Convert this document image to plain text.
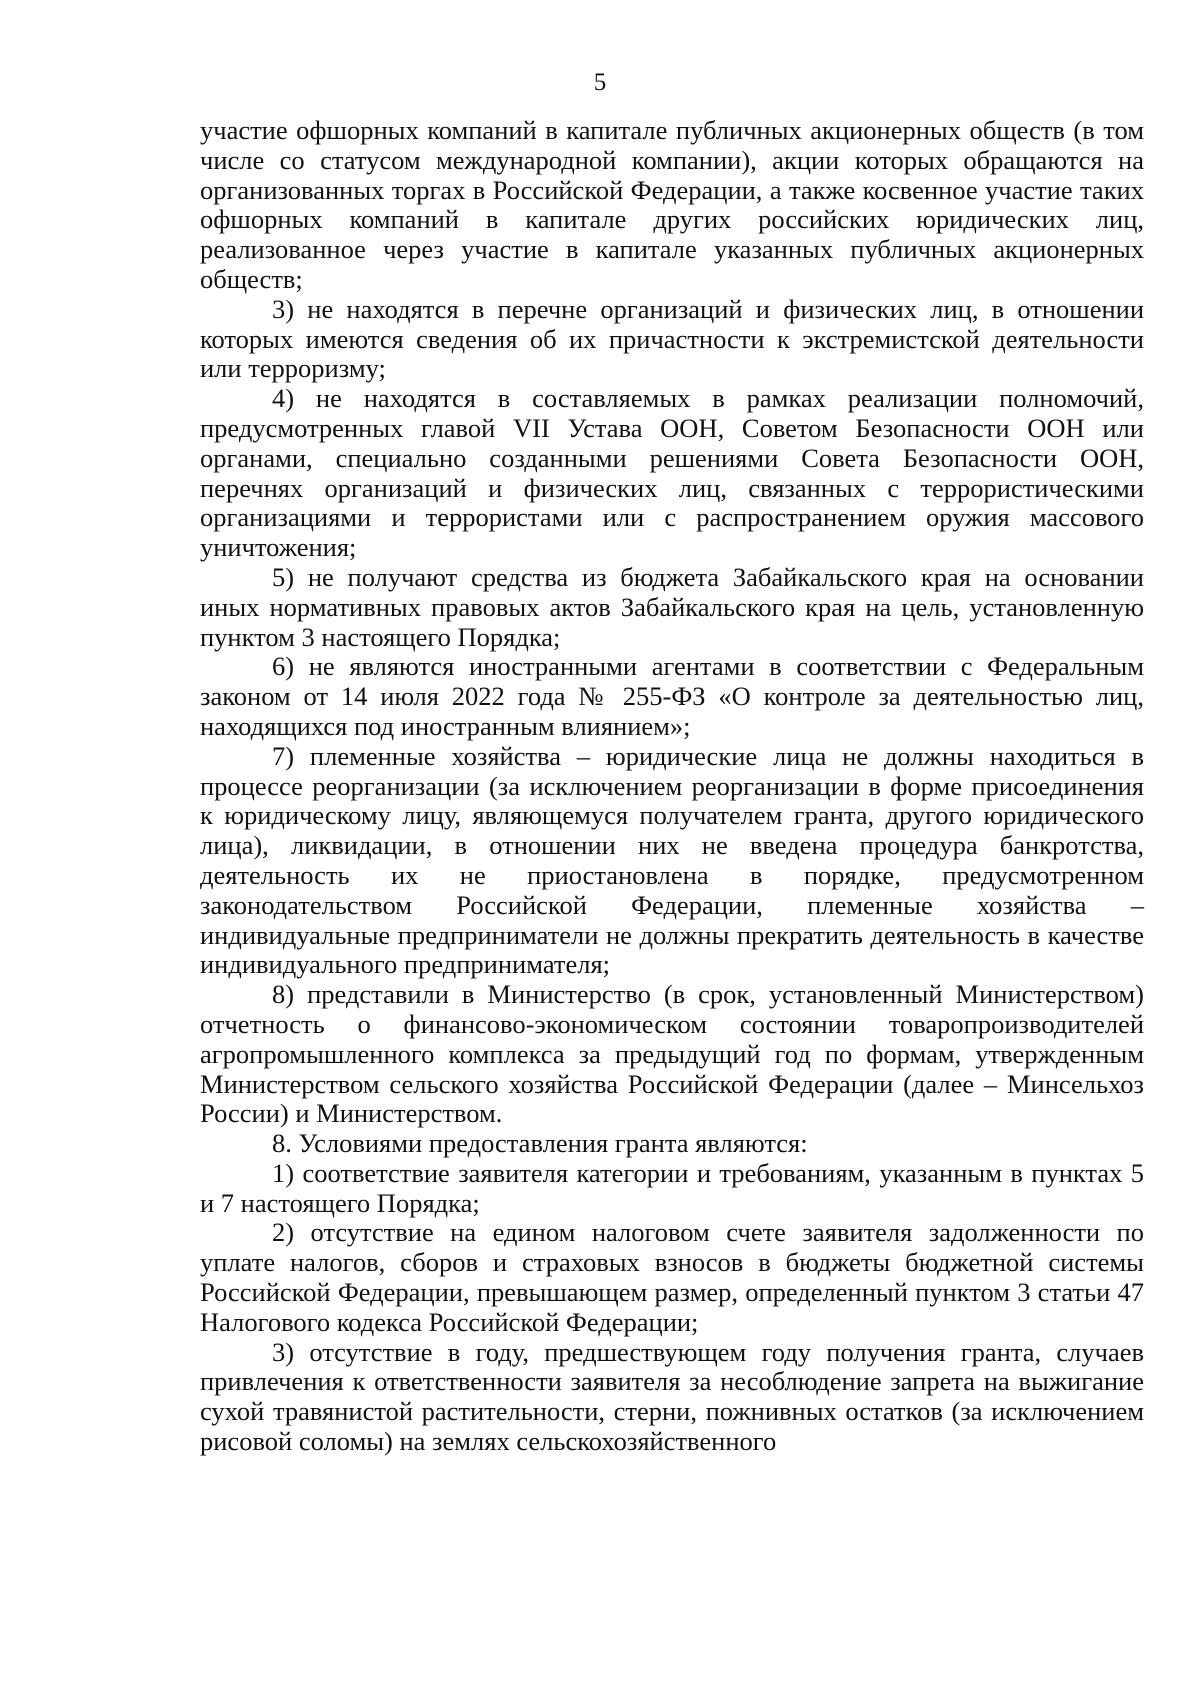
5

участие офшорных компаний в капитале публичных акционерных обществ (в том числе со статусом международной компании), акции которых обращаются на организованных торгах в Российской Федерации, а также косвенное участие таких офшорных компаний в капитале других российских юридических лиц, реализованное через участие в капитале указанных публичных акционерных обществ;

3) не находятся в перечне организаций и физических лиц, в отношении которых имеются сведения об их причастности к экстремистской деятельности или терроризму;

4) не находятся в составляемых в рамках реализации полномочий, предусмотренных главой VII Устава ООН, Советом Безопасности ООН или органами, специально созданными решениями Совета Безопасности ООН, перечнях организаций и физических лиц, связанных с террористическими организациями и террористами или с распространением оружия массового уничтожения;

5) не получают средства из бюджета Забайкальского края на основании иных нормативных правовых актов Забайкальского края на цель, установленную пунктом 3 настоящего Порядка;

6) не являются иностранными агентами в соответствии с Федеральным законом от 14 июля 2022 года № 255-ФЗ «О контроле за деятельностью лиц, находящихся под иностранным влиянием»;

7) племенные хозяйства – юридические лица не должны находиться в процессе реорганизации (за исключением реорганизации в форме присоединения к юридическому лицу, являющемуся получателем гранта, другого юридического лица), ликвидации, в отношении них не введена процедура банкротства, деятельность их не приостановлена в порядке, предусмотренном законодательством Российской Федерации, племенные хозяйства – индивидуальные предприниматели не должны прекратить деятельность в качестве индивидуального предпринимателя;

8) представили в Министерство (в срок, установленный Министерством) отчетность о финансово-экономическом состоянии товаропроизводителей агропромышленного комплекса за предыдущий год по формам, утвержденным Министерством сельского хозяйства Российской Федерации (далее – Минсельхоз России) и Министерством.

8. Условиями предоставления гранта являются:

1) соответствие заявителя категории и требованиям, указанным в пунктах 5 и 7 настоящего Порядка;

2) отсутствие на едином налоговом счете заявителя задолженности по уплате налогов, сборов и страховых взносов в бюджеты бюджетной системы Российской Федерации, превышающем размер, определенный пунктом 3 статьи 47 Налогового кодекса Российской Федерации;

3) отсутствие в году, предшествующем году получения гранта, случаев привлечения к ответственности заявителя за несоблюдение запрета на выжигание сухой травянистой растительности, стерни, пожнивных остатков (за исключением рисовой соломы) на землях сельскохозяйственного
